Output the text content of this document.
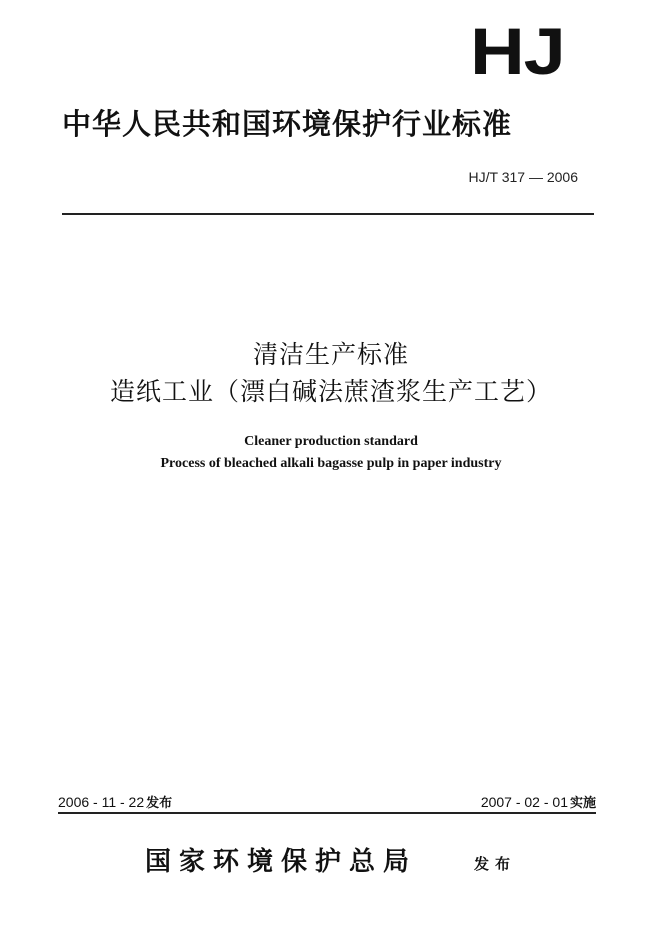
HJ
中华人民共和国环境保护行业标准
HJ/T 317 — 2006
清洁生产标准
造纸工业（漂白碱法蔗渣浆生产工艺）
Cleaner production standard
Process of bleached alkali bagasse pulp in paper industry
2006 - 11 - 22 发布	2007 - 02 - 01 实施
国家环境保护总局	发布
